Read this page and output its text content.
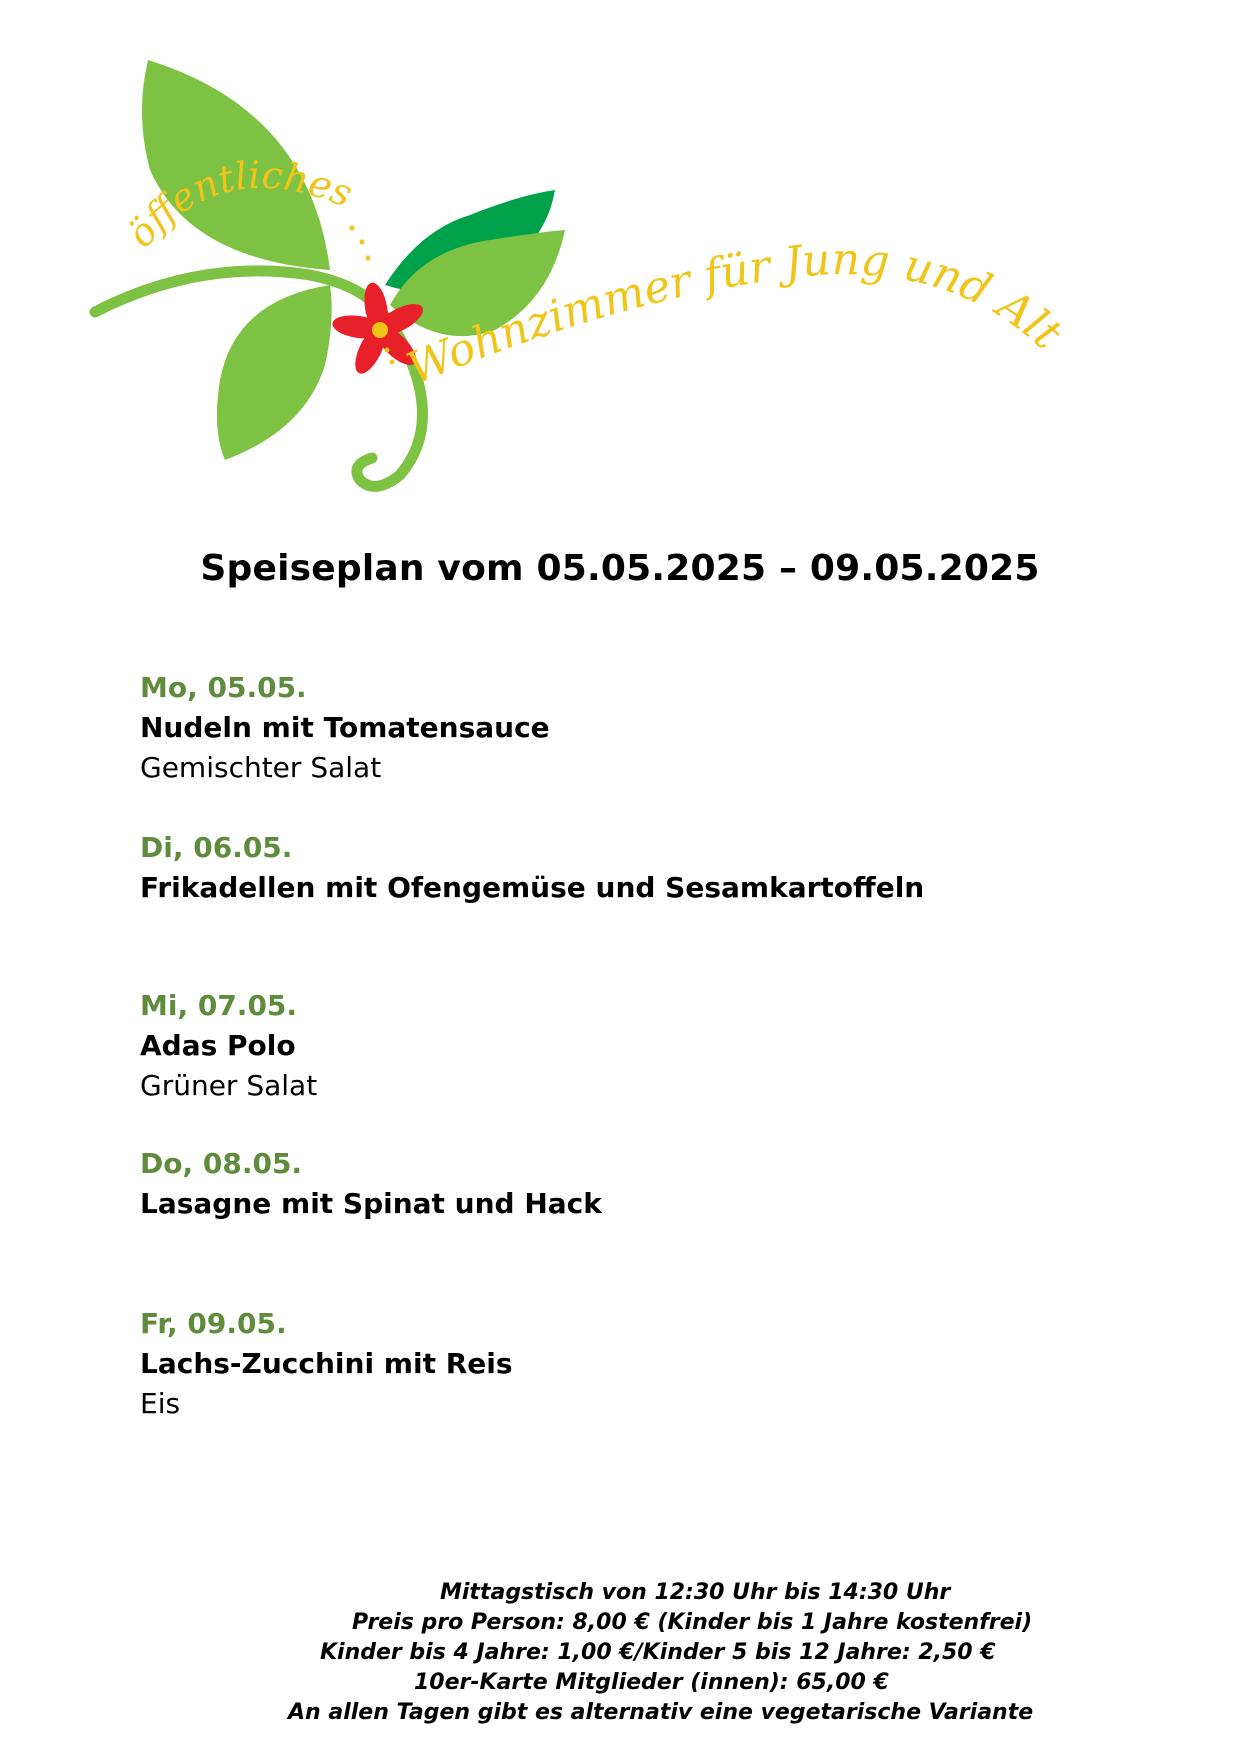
öffentliches
Wohnzimmer für Jung und Alt
Speiseplan vom 05.05.2025 – 09.05.2025
Mo, 05.05.
Nudeln mit Tomatensauce
Gemischter Salat
Di, 06.05.
Frikadellen mit Ofengemüse und Sesamkartoffeln
Mi, 07.05.
Adas Polo
Grüner Salat
Do, 08.05.
Lasagne mit Spinat und Hack
Fr, 09.05.
Lachs-Zucchini mit Reis
Eis
Mittagstisch von 12:30 Uhr bis 14:30 Uhr
Preis pro Person: 8,00 € (Kinder bis 1 Jahre kostenfrei)
Kinder bis 4 Jahre: 1,00 €/Kinder 5 bis 12 Jahre: 2,50 €
10er-Karte Mitglieder (innen): 65,00 €
An allen Tagen gibt es alternativ eine vegetarische Variante
